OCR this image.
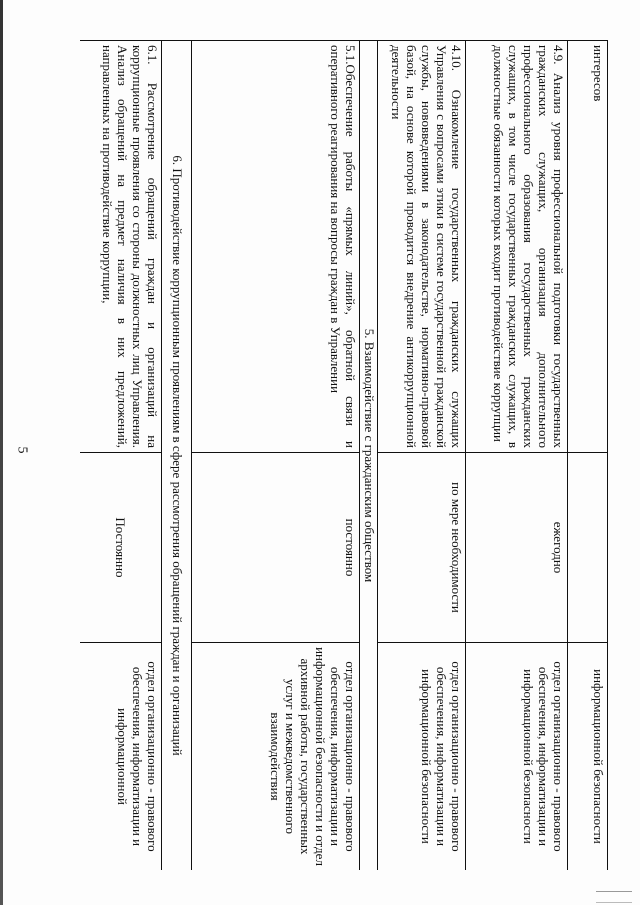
5
интересов		информационной безопасности
4.9. Анализ уровня профессиональной подготовки государственных гражданских служащих, организация дополнительного профессионального образования государственных гражданских служащих, в том числе государственных гражданских служащих, в должностные обязанности которых входит противодействие коррупции	ежегодно	отдел организационно - правового обеспечения, информатизации и информационной безопасности
4.10. Ознакомление государственных гражданских служащих Управления с вопросами этики в системе государственной гражданской службы, нововведениями в законодательстве, нормативно-правовой базой, на основе которой проводится внедрение антикоррупционной деятельности	по мере необходимости	отдел организационно - правового обеспечения, информатизации и информационной безопасности
5. Взаимодействие с гражданским обществом		
5.1.Обеспечение работы «прямых линий», обратной связи и оперативного реагирования на вопросы граждан в Управлении	постоянно	отдел организационно - правового обеспечения, информатизации и информационной безопасности и отдел архивной работы, государственных услуг и межведомственного взаимодействия
6. Противодействие коррупционным проявлениям в сфере рассмотрения обращений граждан и организаций		
6.1. Рассмотрение обращений граждан и организаций на коррупционные проявления со стороны должностных лиц Управления. Анализ обращений на предмет наличия в них предложений, направленных на противодействие коррупции,	Постоянно	отдел организационно - правового обеспечения, информатизации и информационной
